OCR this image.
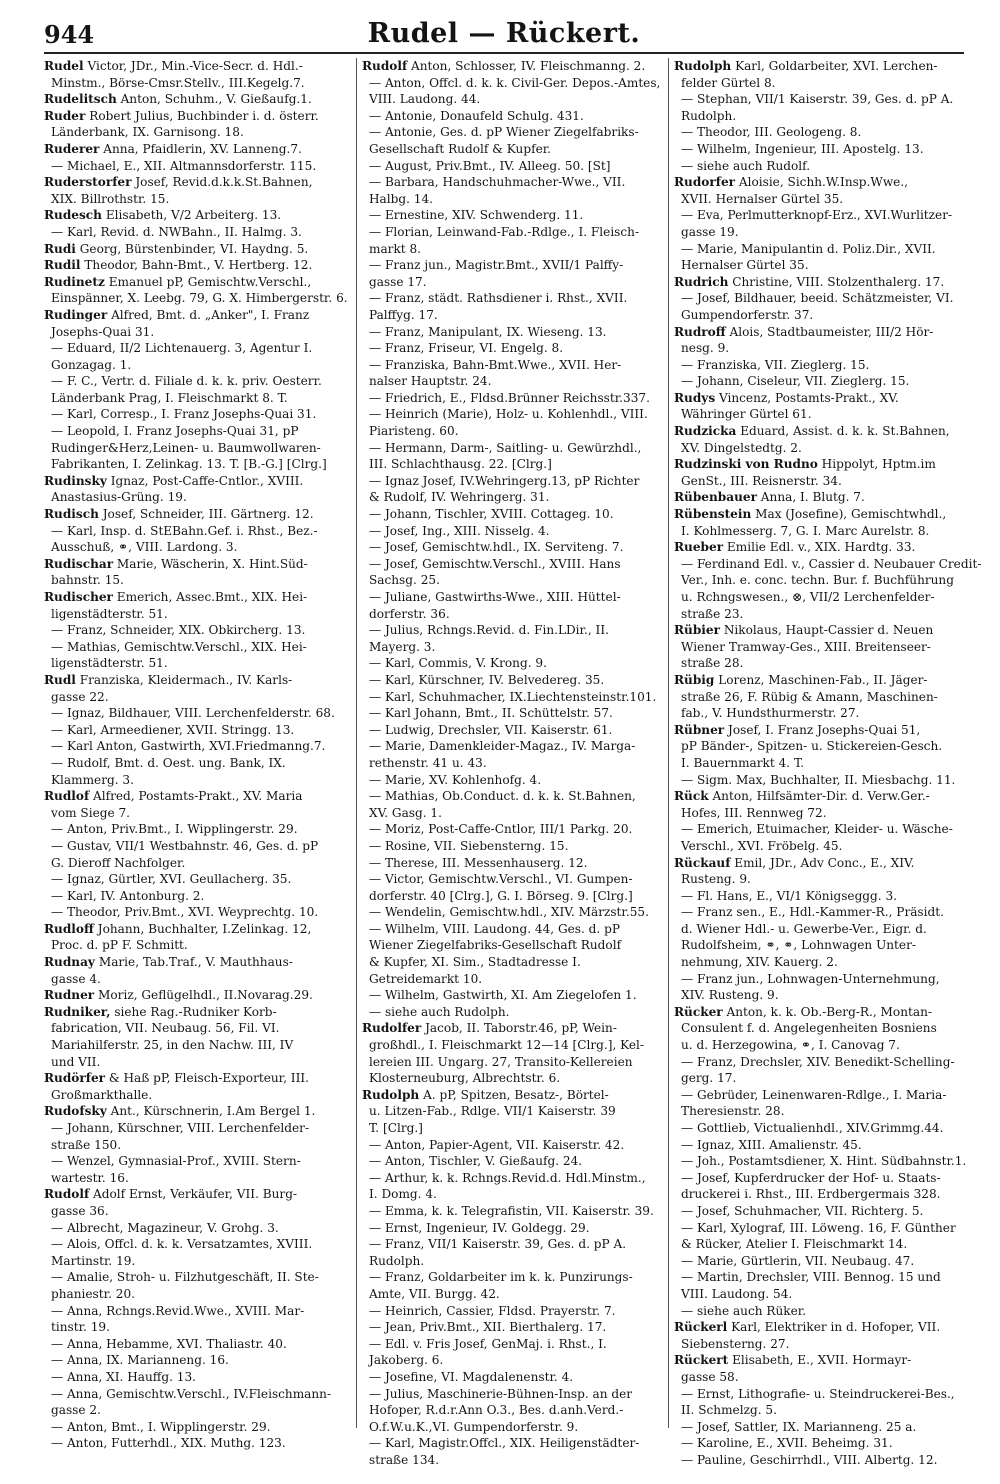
944	Rudel — Rückert.
Rudel Victor, JDr., Min.-Vice-Secr. d. Hdl.-
Minstm., Börse-Cmsr.Stellv., III.Kegelg.7.
Rudelitsch Anton, Schuhm., V. Gießaufg.1.
Ruder Robert Julius, Buchbinder i. d. österr.
Länderbank, IX. Garnisong. 18.
Ruderer Anna, Pfaidlerin, XV. Lanneng.7.
— Michael, E., XII. Altmannsdorferstr. 115.
Ruderstorfer Josef, Revid.d.k.k.St.Bahnen,
XIX. Billrothstr. 15.
Rudesch Elisabeth, V/2 Arbeiterg. 13.
— Karl, Revid. d. NWBahn., II. Halmg. 3.
Rudi Georg, Bürstenbinder, VI. Haydng. 5.
Rudil Theodor, Bahn-Bmt., V. Hertberg. 12.
Rudinetz Emanuel pP, Gemischtw.Verschl.,
Einspänner, X. Leebg. 79, G. X. Himbergerstr. 6.
Rudinger Alfred, Bmt. d. „Anker", I. Franz
Josephs-Quai 31.
— Eduard, II/2 Lichtenauerg. 3, Agentur I.
Gonzagag. 1.
— F. C., Vertr. d. Filiale d. k. k. priv. Oesterr.
Länderbank Prag, I. Fleischmarkt 8. T.
— Karl, Corresp., I. Franz Josephs-Quai 31.
— Leopold, I. Franz Josephs-Quai 31, pP
Rudinger&Herz,Leinen- u. Baumwollwaren-
Fabrikanten, I. Zelinkag. 13. T. [B.-G.] [Clrg.]
Rudinsky Ignaz, Post-Caffe-Cntlor., XVIII.
Anastasius-Grüng. 19.
Rudisch Josef, Schneider, III. Gärtnerg. 12.
— Karl, Insp. d. StEBahn.Gef. i. Rhst., Bez.-
Ausschuß, ⚭, VIII. Lardong. 3.
Rudischar Marie, Wäscherin, X. Hint.Süd-
bahnstr. 15.
Rudischer Emerich, Assec.Bmt., XIX. Hei-
ligenstädterstr. 51.
— Franz, Schneider, XIX. Obkircherg. 13.
— Mathias, Gemischtw.Verschl., XIX. Hei-
ligenstädterstr. 51.
Rudl Franziska, Kleidermach., IV. Karls-
gasse 22.
— Ignaz, Bildhauer, VIII. Lerchenfelderstr. 68.
— Karl, Armeediener, XVII. Stringg. 13.
— Karl Anton, Gastwirth, XVI.Friedmanng.7.
— Rudolf, Bmt. d. Oest. ung. Bank, IX.
Klammerg. 3.
Rudlof Alfred, Postamts-Prakt., XV. Maria
vom Siege 7.
— Anton, Priv.Bmt., I. Wipplingerstr. 29.
— Gustav, VII/1 Westbahnstr. 46, Ges. d. pP
G. Dieroff Nachfolger.
— Ignaz, Gürtler, XVI. Geullacherg. 35.
— Karl, IV. Antonburg. 2.
— Theodor, Priv.Bmt., XVI. Weyprechtg. 10.
Rudloff Johann, Buchhalter, I.Zelinkag. 12,
Proc. d. pP F. Schmitt.
Rudnay Marie, Tab.Traf., V. Mauthhaus-
gasse 4.
Rudner Moriz, Geflügelhdl., II.Novarag.29.
Rudniker, siehe Rag.-Rudniker Korb-
fabrication, VII. Neubaug. 56, Fil. VI.
Mariahilferstr. 25, in den Nachw. III, IV
und VII.
Rudörfer & Haß pP, Fleisch-Exporteur, III.
Großmarkthalle.
Rudofsky Ant., Kürschnerin, I.Am Bergel 1.
— Johann, Kürschner, VIII. Lerchenfelder-
straße 150.
— Wenzel, Gymnasial-Prof., XVIII. Stern-
wartestr. 16.
Rudolf Adolf Ernst, Verkäufer, VII. Burg-
gasse 36.
— Albrecht, Magazineur, V. Grohg. 3.
— Alois, Offcl. d. k. k. Versatzamtes, XVIII.
Martinstr. 19.
— Amalie, Stroh- u. Filzhutgeschäft, II. Ste-
phaniestr. 20.
— Anna, Rchngs.Revid.Wwe., XVIII. Mar-
tinstr. 19.
— Anna, Hebamme, XVI. Thaliastr. 40.
— Anna, IX. Marianneng. 16.
— Anna, XI. Hauffg. 13.
— Anna, Gemischtw.Verschl., IV.Fleischmann-
gasse 2.
— Anton, Bmt., I. Wipplingerstr. 29.
— Anton, Futterhdl., XIX. Muthg. 123.
Rudolf Anton, Schlosser, IV. Fleischmanng. 2.
— Anton, Offcl. d. k. k. Civil-Ger. Depos.-Amtes,
VIII. Laudong. 44.
— Antonie, Donaufeld Schulg. 431.
— Antonie, Ges. d. pP Wiener Ziegelfabriks-
Gesellschaft Rudolf & Kupfer.
— August, Priv.Bmt., IV. Alleeg. 50. [St]
— Barbara, Handschuhmacher-Wwe., VII.
Halbg. 14.
— Ernestine, XIV. Schwenderg. 11.
— Florian, Leinwand-Fab.-Rdlge., I. Fleisch-
markt 8.
— Franz jun., Magistr.Bmt., XVII/1 Palffy-
gasse 17.
— Franz, städt. Rathsdiener i. Rhst., XVII.
Palffyg. 17.
— Franz, Manipulant, IX. Wieseng. 13.
— Franz, Friseur, VI. Engelg. 8.
— Franziska, Bahn-Bmt.Wwe., XVII. Her-
nalser Hauptstr. 24.
— Friedrich, E., Fldsd.Brünner Reichsstr.337.
— Heinrich (Marie), Holz- u. Kohlenhdl., VIII.
Piaristeng. 60.
— Hermann, Darm-, Saitling- u. Gewürzhdl.,
III. Schlachthausg. 22. [Clrg.]
— Ignaz Josef, IV.Wehringerg.13, pP Richter
& Rudolf, IV. Wehringerg. 31.
— Johann, Tischler, XVIII. Cottageg. 10.
— Josef, Ing., XIII. Nisselg. 4.
— Josef, Gemischtw.hdl., IX. Serviteng. 7.
— Josef, Gemischtw.Verschl., XVIII. Hans
Sachsg. 25.
— Juliane, Gastwirths-Wwe., XIII. Hüttel-
dorferstr. 36.
— Julius, Rchngs.Revid. d. Fin.LDir., II.
Mayerg. 3.
— Karl, Commis, V. Krong. 9.
— Karl, Kürschner, IV. Belvedereg. 35.
— Karl, Schuhmacher, IX.Liechtensteinstr.101.
— Karl Johann, Bmt., II. Schüttelstr. 57.
— Ludwig, Drechsler, VII. Kaiserstr. 61.
— Marie, Damenkleider-Magaz., IV. Marga-
rethenstr. 41 u. 43.
— Marie, XV. Kohlenhofg. 4.
— Mathias, Ob.Conduct. d. k. k. St.Bahnen,
XV. Gasg. 1.
— Moriz, Post-Caffe-Cntlor, III/1 Parkg. 20.
— Rosine, VII. Siebensterng. 15.
— Therese, III. Messenhauserg. 12.
— Victor, Gemischtw.Verschl., VI. Gumpen-
dorferstr. 40 [Clrg.], G. I. Börseg. 9. [Clrg.]
— Wendelin, Gemischtw.hdl., XIV. Märzstr.55.
— Wilhelm, VIII. Laudong. 44, Ges. d. pP
Wiener Ziegelfabriks-Gesellschaft Rudolf
& Kupfer, XI. Sim., Stadtadresse I.
Getreidemarkt 10.
— Wilhelm, Gastwirth, XI. Am Ziegelofen 1.
— siehe auch Rudolph.
Rudolfer Jacob, II. Taborstr.46, pP, Wein-
großhdl., I. Fleischmarkt 12—14 [Clrg.], Kel-
lereien III. Ungarg. 27, Transito-Kellereien
Klosterneuburg, Albrechtstr. 6.
Rudolph A. pP, Spitzen, Besatz-, Börtel-
u. Litzen-Fab., Rdlge. VII/1 Kaiserstr. 39
T. [Clrg.]
— Anton, Papier-Agent, VII. Kaiserstr. 42.
— Anton, Tischler, V. Gießaufg. 24.
— Arthur, k. k. Rchngs.Revid.d. Hdl.Minstm.,
I. Domg. 4.
— Emma, k. k. Telegrafistin, VII. Kaiserstr. 39.
— Ernst, Ingenieur, IV. Goldegg. 29.
— Franz, VII/1 Kaiserstr. 39, Ges. d. pP A.
Rudolph.
— Franz, Goldarbeiter im k. k. Punzirungs-
Amte, VII. Burgg. 42.
— Heinrich, Cassier, Fldsd. Prayerstr. 7.
— Jean, Priv.Bmt., XII. Bierthalerg. 17.
— Edl. v. Fris Josef, GenMaj. i. Rhst., I.
Jakoberg. 6.
— Josefine, VI. Magdalenenstr. 4.
— Julius, Maschinerie-Bühnen-Insp. an der
Hofoper, R.d.r.Ann O.3., Bes. d.anh.Verd.-
O.f.W.u.K.,VI. Gumpendorferstr. 9.
— Karl, Magistr.Offcl., XIX. Heiligenstädter-
straße 134.
Rudolph Karl, Goldarbeiter, XVI. Lerchen-
felder Gürtel 8.
— Stephan, VII/1 Kaiserstr. 39, Ges. d. pP A.
Rudolph.
— Theodor, III. Geologeng. 8.
— Wilhelm, Ingenieur, III. Apostelg. 13.
— siehe auch Rudolf.
Rudorfer Aloisie, Sichh.W.Insp.Wwe.,
XVII. Hernalser Gürtel 35.
— Eva, Perlmutterknopf-Erz., XVI.Wurlitzer-
gasse 19.
— Marie, Manipulantin d. Poliz.Dir., XVII.
Hernalser Gürtel 35.
Rudrich Christine, VIII. Stolzenthalerg. 17.
— Josef, Bildhauer, beeid. Schätzmeister, VI.
Gumpendorferstr. 37.
Rudroff Alois, Stadtbaumeister, III/2 Hör-
nesg. 9.
— Franziska, VII. Zieglerg. 15.
— Johann, Ciseleur, VII. Zieglerg. 15.
Rudys Vincenz, Postamts-Prakt., XV.
Währinger Gürtel 61.
Rudzicka Eduard, Assist. d. k. k. St.Bahnen,
XV. Dingelstedtg. 2.
Rudzinski von Rudno Hippolyt, Hptm.im
GenSt., III. Reisnerstr. 34.
Rübenbauer Anna, I. Blutg. 7.
Rübenstein Max (Josefine), Gemischtwhdl.,
I. Kohlmesserg. 7, G. I. Marc Aurelstr. 8.
Rueber Emilie Edl. v., XIX. Hardtg. 33.
— Ferdinand Edl. v., Cassier d. Neubauer Credit-
Ver., Inh. e. conc. techn. Bur. f. Buchführung
u. Rchngswesen., ⊗, VII/2 Lerchenfelder-
straße 23.
Rübier Nikolaus, Haupt-Cassier d. Neuen
Wiener Tramway-Ges., XIII. Breitenseer-
straße 28.
Rübig Lorenz, Maschinen-Fab., II. Jäger-
straße 26, F. Rübig & Amann, Maschinen-
fab., V. Hundsthurmerstr. 27.
Rübner Josef, I. Franz Josephs-Quai 51,
pP Bänder-, Spitzen- u. Stickereien-Gesch.
I. Bauernmarkt 4. T.
— Sigm. Max, Buchhalter, II. Miesbachg. 11.
Rück Anton, Hilfsämter-Dir. d. Verw.Ger.-
Hofes, III. Rennweg 72.
— Emerich, Etuimacher, Kleider- u. Wäsche-
Verschl., XVI. Fröbelg. 45.
Rückauf Emil, JDr., Adv Conc., E., XIV.
Rusteng. 9.
— Fl. Hans, E., VI/1 Königseggg. 3.
— Franz sen., E., Hdl.-Kammer-R., Präsidt.
d. Wiener Hdl.- u. Gewerbe-Ver., Eigr. d.
Rudolfsheim, ⚭, ⚭, Lohnwagen Unter-
nehmung, XIV. Kauerg. 2.
— Franz jun., Lohnwagen-Unternehmung,
XIV. Rusteng. 9.
Rücker Anton, k. k. Ob.-Berg-R., Montan-
Consulent f. d. Angelegenheiten Bosniens
u. d. Herzegowina, ⚭, I. Canovag 7.
— Franz, Drechsler, XIV. Benedikt-Schelling-
gerg. 17.
— Gebrüder, Leinenwaren-Rdlge., I. Maria-
Theresienstr. 28.
— Gottlieb, Victualienhdl., XIV.Grimmg.44.
— Ignaz, XIII. Amalienstr. 45.
— Joh., Postamtsdiener, X. Hint. Südbahnstr.1.
— Josef, Kupferdrucker der Hof- u. Staats-
druckerei i. Rhst., III. Erdbergermais 328.
— Josef, Schuhmacher, VII. Richterg. 5.
— Karl, Xylograf, III. Löweng. 16, F. Günther
& Rücker, Atelier I. Fleischmarkt 14.
— Marie, Gürtlerin, VII. Neubaug. 47.
— Martin, Drechsler, VIII. Bennog. 15 und
VIII. Laudong. 54.
— siehe auch Rüker.
Rückerl Karl, Elektriker in d. Hofoper, VII.
Siebensterng. 27.
Rückert Elisabeth, E., XVII. Hormayr-
gasse 58.
— Ernst, Lithografie- u. Steindruckerei-Bes.,
II. Schmelzg. 5.
— Josef, Sattler, IX. Marianneng. 25 a.
— Karoline, E., XVII. Beheimg. 31.
— Pauline, Geschirrhdl., VIII. Albertg. 12.
